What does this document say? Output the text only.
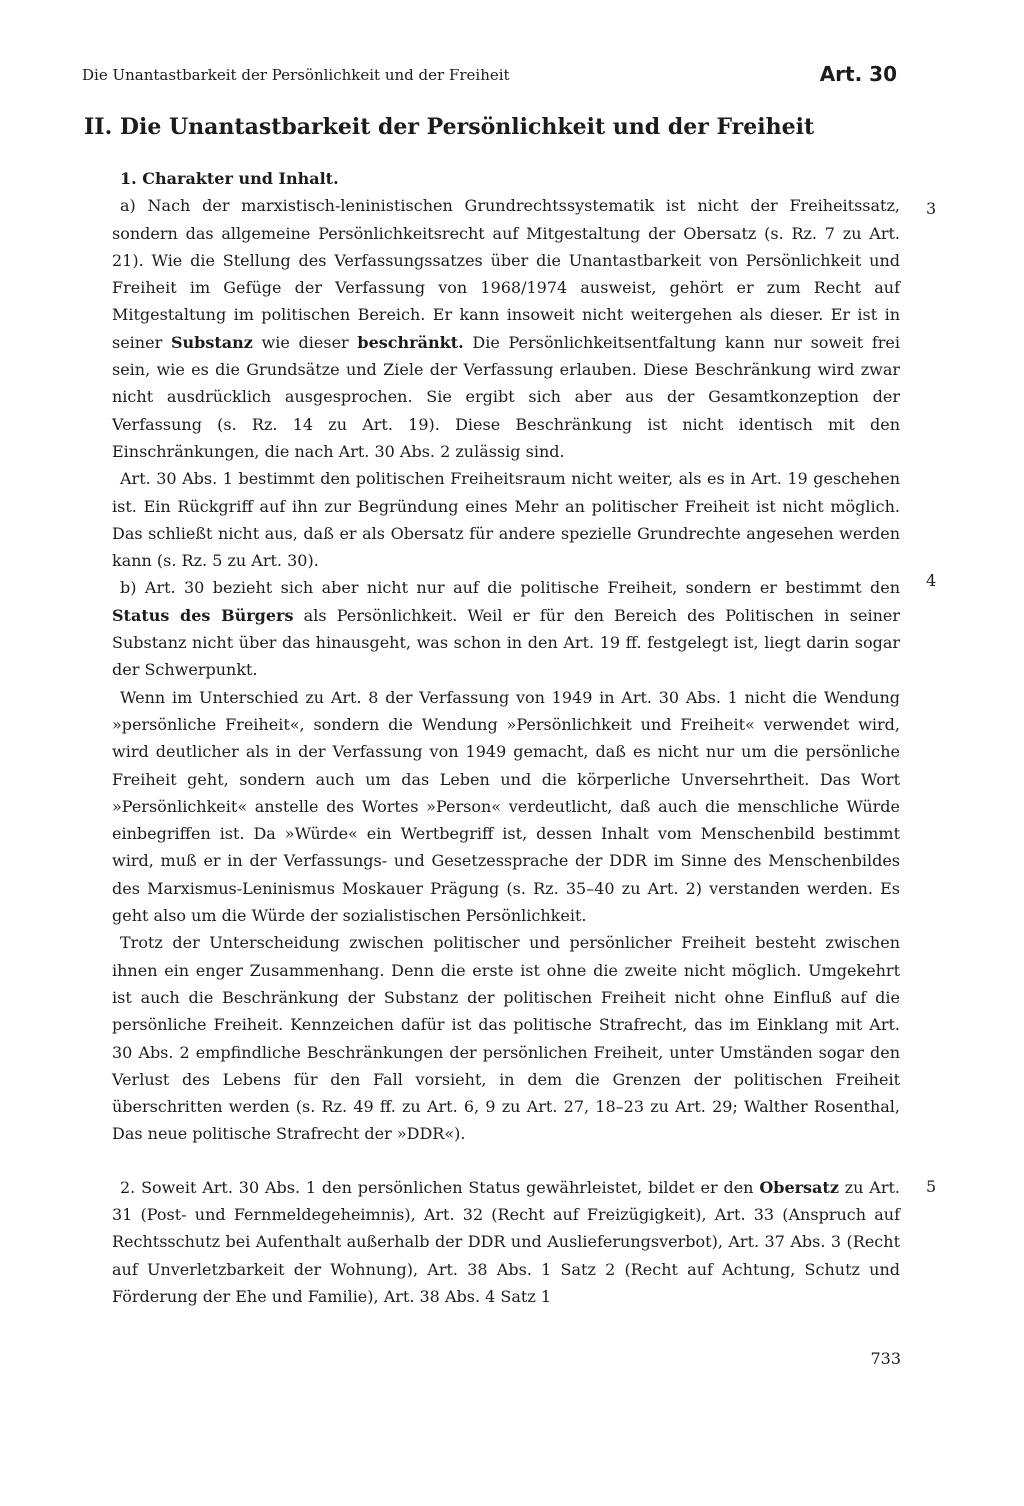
Die Unantastbarkeit der Persönlichkeit und der Freiheit	Art. 30
II. Die Unantastbarkeit der Persönlichkeit und der Freiheit

1. Charakter und Inhalt.

a) Nach der marxistisch-leninistischen Grundrechtssystematik ist nicht der Freiheitssatz, sondern das allgemeine Persönlichkeitsrecht auf Mitgestaltung der Obersatz (s. Rz. 7 zu Art. 21). Wie die Stellung des Verfassungssatzes über die Unantastbarkeit von Persönlichkeit und Freiheit im Gefüge der Verfassung von 1968/1974 ausweist, gehört er zum Recht auf Mitgestaltung im politischen Bereich. Er kann insoweit nicht weitergehen als dieser. Er ist in seiner Substanz wie dieser beschränkt. Die Persönlichkeitsentfaltung kann nur soweit frei sein, wie es die Grundsätze und Ziele der Verfassung erlauben. Diese Beschränkung wird zwar nicht ausdrücklich ausgesprochen. Sie ergibt sich aber aus der Gesamtkonzeption der Verfassung (s. Rz. 14 zu Art. 19). Diese Beschränkung ist nicht identisch mit den Einschränkungen, die nach Art. 30 Abs. 2 zulässig sind.

Art. 30 Abs. 1 bestimmt den politischen Freiheitsraum nicht weiter, als es in Art. 19 geschehen ist. Ein Rückgriff auf ihn zur Begründung eines Mehr an politischer Freiheit ist nicht möglich. Das schließt nicht aus, daß er als Obersatz für andere spezielle Grundrechte angesehen werden kann (s. Rz. 5 zu Art. 30).

b) Art. 30 bezieht sich aber nicht nur auf die politische Freiheit, sondern er bestimmt den Status des Bürgers als Persönlichkeit. Weil er für den Bereich des Politischen in seiner Substanz nicht über das hinausgeht, was schon in den Art. 19 ff. festgelegt ist, liegt darin sogar der Schwerpunkt.

Wenn im Unterschied zu Art. 8 der Verfassung von 1949 in Art. 30 Abs. 1 nicht die Wendung »persönliche Freiheit«, sondern die Wendung »Persönlichkeit und Freiheit« verwendet wird, wird deutlicher als in der Verfassung von 1949 gemacht, daß es nicht nur um die persönliche Freiheit geht, sondern auch um das Leben und die körperliche Unversehrtheit. Das Wort »Persönlichkeit« anstelle des Wortes »Person« verdeutlicht, daß auch die menschliche Würde einbegriffen ist. Da »Würde« ein Wertbegriff ist, dessen Inhalt vom Menschenbild bestimmt wird, muß er in der Verfassungs- und Gesetzessprache der DDR im Sinne des Menschenbildes des Marxismus-Leninismus Moskauer Prägung (s. Rz. 35–40 zu Art. 2) verstanden werden. Es geht also um die Würde der sozialistischen Persönlichkeit.

Trotz der Unterscheidung zwischen politischer und persönlicher Freiheit besteht zwischen ihnen ein enger Zusammenhang. Denn die erste ist ohne die zweite nicht möglich. Umgekehrt ist auch die Beschränkung der Substanz der politischen Freiheit nicht ohne Einfluß auf die persönliche Freiheit. Kennzeichen dafür ist das politische Strafrecht, das im Einklang mit Art. 30 Abs. 2 empfindliche Beschränkungen der persönlichen Freiheit, unter Umständen sogar den Verlust des Lebens für den Fall vorsieht, in dem die Grenzen der politischen Freiheit überschritten werden (s. Rz. 49 ff. zu Art. 6, 9 zu Art. 27, 18–23 zu Art. 29; Walther Rosenthal, Das neue politische Strafrecht der »DDR«).

2. Soweit Art. 30 Abs. 1 den persönlichen Status gewährleistet, bildet er den Obersatz zu Art. 31 (Post- und Fernmeldegeheimnis), Art. 32 (Recht auf Freizügigkeit), Art. 33 (Anspruch auf Rechtsschutz bei Aufenthalt außerhalb der DDR und Auslieferungsverbot), Art. 37 Abs. 3 (Recht auf Unverletzbarkeit der Wohnung), Art. 38 Abs. 1 Satz 2 (Recht auf Achtung, Schutz und Förderung der Ehe und Familie), Art. 38 Abs. 4 Satz 1

3
4
5
733
